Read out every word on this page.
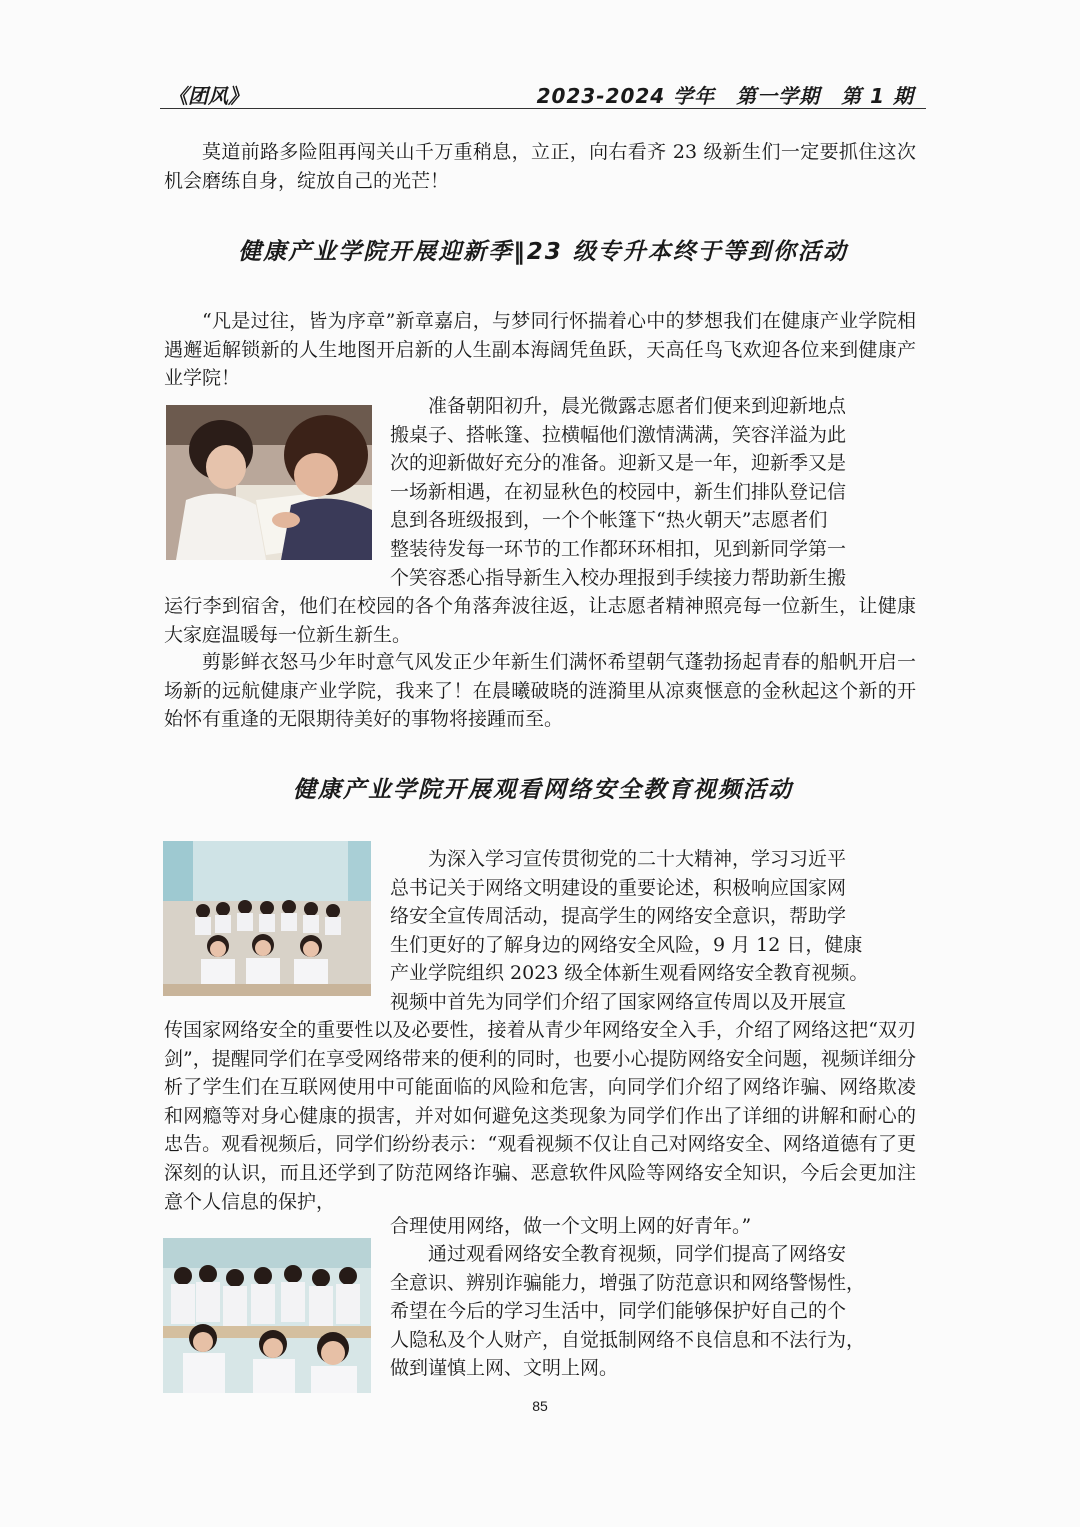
《团风》	2023-2024 学年　第一学期　第 1 期

莫道前路多险阻再闯关山千万重稍息，立正，向右看齐 23 级新生们一定要抓住这次机会磨练自身，绽放自己的光芒！

健康产业学院开展迎新季‖23 级专升本终于等到你活动

“凡是过往，皆为序章”新章嘉启，与梦同行怀揣着心中的梦想我们在健康产业学院相遇邂逅解锁新的人生地图开启新的人生副本海阔凭鱼跃，天高任鸟飞欢迎各位来到健康产业学院！

准备朝阳初升，晨光微露志愿者们便来到迎新地点
搬桌子、搭帐篷、拉横幅他们激情满满，笑容洋溢为此
次的迎新做好充分的准备。迎新又是一年，迎新季又是
一场新相遇，在初显秋色的校园中，新生们排队登记信
息到各班级报到，一个个帐篷下“热火朝天”志愿者们
整装待发每一环节的工作都环环相扣，见到新同学第一
个笑容悉心指导新生入校办理报到手续接力帮助新生搬

运行李到宿舍，他们在校园的各个角落奔波往返，让志愿者精神照亮每一位新生，让健康大家庭温暖每一位新生新生。

剪影鲜衣怒马少年时意气风发正少年新生们满怀希望朝气蓬勃扬起青春的船帆开启一场新的远航健康产业学院，我来了！在晨曦破晓的涟漪里从凉爽惬意的金秋起这个新的开始怀有重逢的无限期待美好的事物将接踵而至。

健康产业学院开展观看网络安全教育视频活动

为深入学习宣传贯彻党的二十大精神，学习习近平
总书记关于网络文明建设的重要论述，积极响应国家网
络安全宣传周活动，提高学生的网络安全意识，帮助学
生们更好的了解身边的网络安全风险，9 月 12 日，健康
产业学院组织 2023 级全体新生观看网络安全教育视频。
视频中首先为同学们介绍了国家网络宣传周以及开展宣

传国家网络安全的重要性以及必要性，接着从青少年网络安全入手，介绍了网络这把“双刃剑”，提醒同学们在享受网络带来的便利的同时，也要小心提防网络安全问题，视频详细分析了学生们在互联网使用中可能面临的风险和危害，向同学们介绍了网络诈骗、网络欺凌和网瘾等对身心健康的损害，并对如何避免这类现象为同学们作出了详细的讲解和耐心的忠告。观看视频后，同学们纷纷表示：“观看视频不仅让自己对网络安全、网络道德有了更深刻的认识，而且还学到了防范网络诈骗、恶意软件风险等网络安全知识，今后会更加注意个人信息的保护，

合理使用网络，做一个文明上网的好青年。”

通过观看网络安全教育视频，同学们提高了网络安
全意识、辨别诈骗能力，增强了防范意识和网络警惕性，
希望在今后的学习生活中，同学们能够保护好自己的个
人隐私及个人财产，自觉抵制网络不良信息和不法行为，
做到谨慎上网、文明上网。

85
